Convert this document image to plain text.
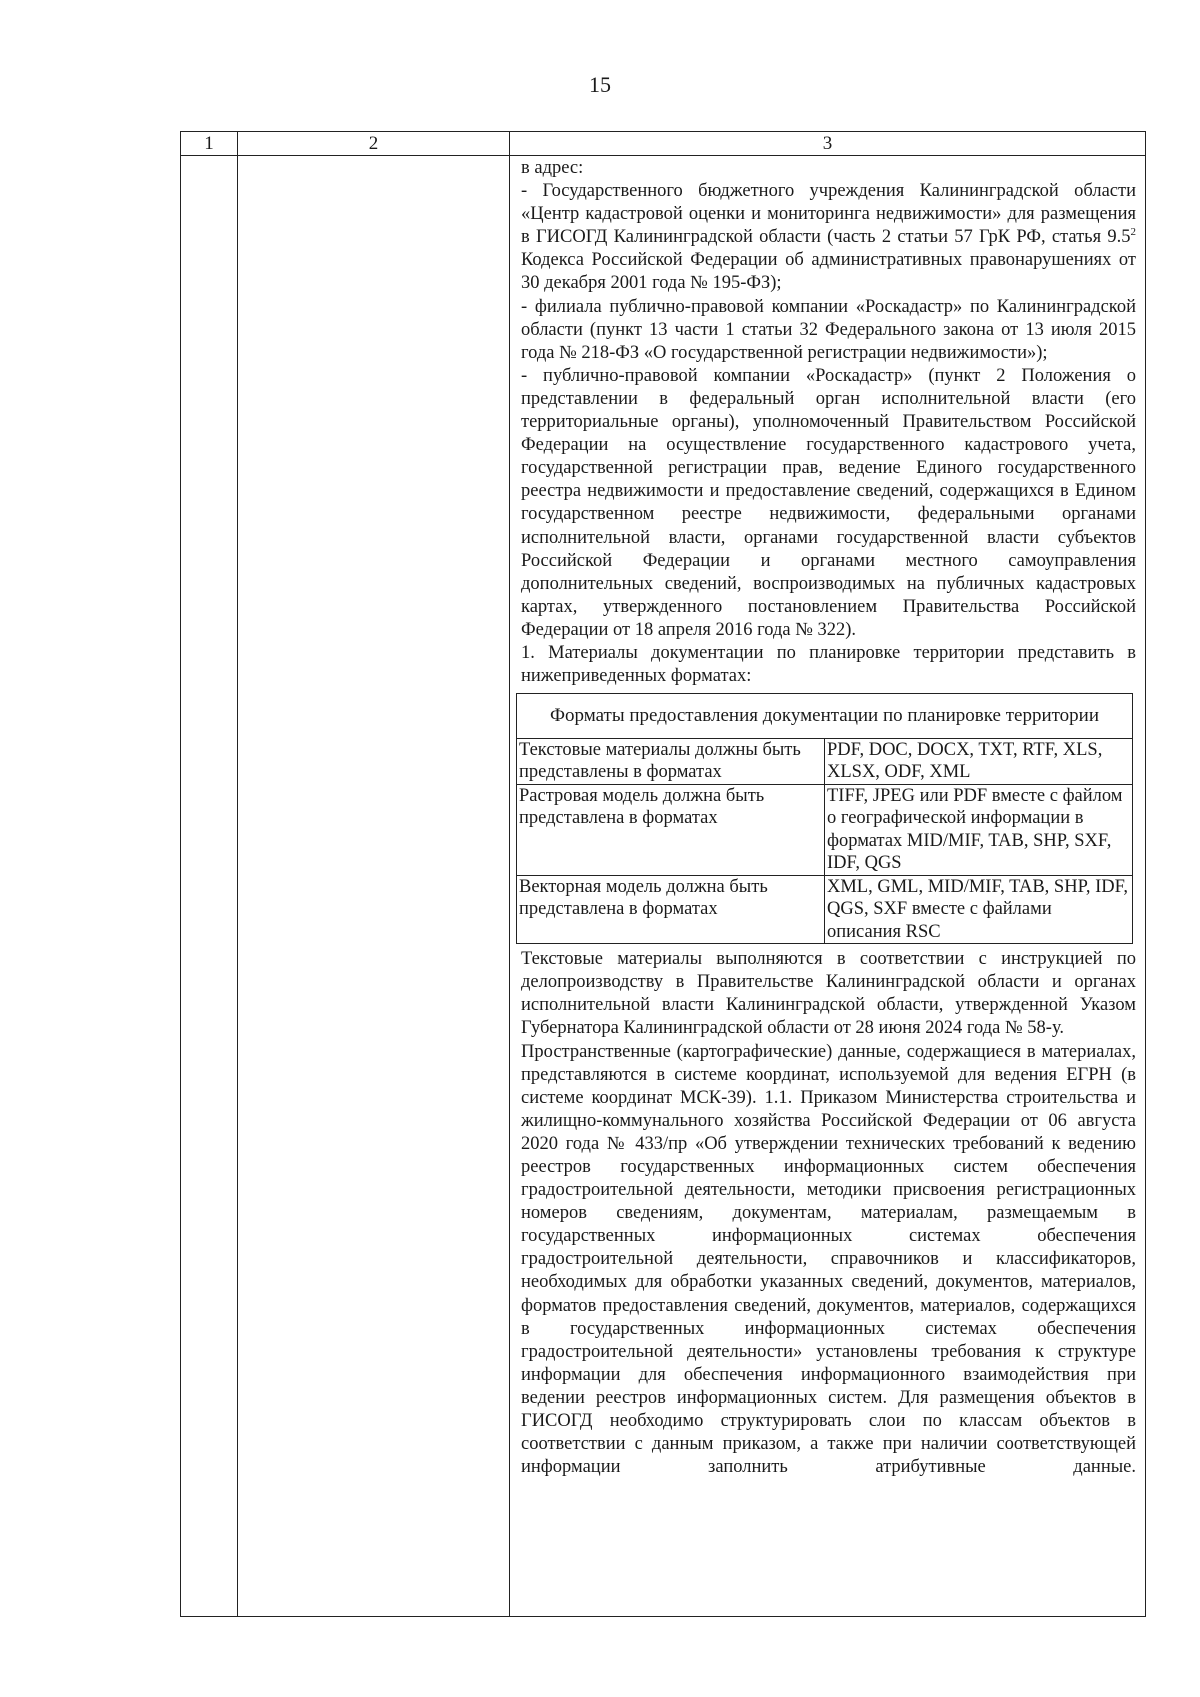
15
1	2	3

в адрес:

- Государственного бюджетного учреждения Калининградской области «Центр кадастровой оценки и мониторинга недвижимости» для размещения в ГИСОГД Калининградской области (часть 2 статьи 57 ГрК РФ, статья $9.5^2$ Кодекса Российской Федерации об административных правонарушениях от 30 декабря 2001 года № 195-ФЗ);

- филиала публично-правовой компании «Роскадастр» по Калининградской области (пункт 13 части 1 статьи 32 Федерального закона от 13 июля 2015 года № 218-ФЗ «О государственной регистрации недвижимости»);

- публично-правовой компании «Роскадастр» (пункт 2 Положения о представлении в федеральный орган исполнительной власти (его территориальные органы), уполномоченный Правительством Российской Федерации на осуществление государственного кадастрового учета, государственной регистрации прав, ведение Единого государственного реестра недвижимости и предоставление сведений, содержащихся в Едином государственном реестре недвижимости, федеральными органами исполнительной власти, органами государственной власти субъектов Российской Федерации и органами местного самоуправления дополнительных сведений, воспроизводимых на публичных кадастровых картах, утвержденного постановлением Правительства Российской Федерации от 18 апреля 2016 года № 322).

1. Материалы документации по планировке территории представить в нижеприведенных форматах:

Форматы предоставления документации по планировке территории
Текстовые материалы должны быть представлены в форматах	PDF, DOC, DOCX, TXT, RTF, XLS, XLSX, ODF, XML
Растровая модель должна быть представлена в форматах	TIFF, JPEG или PDF вместе с файлом о географической информации в форматах MID/MIF, TAB, SHP, SXF, IDF, QGS
Векторная модель должна быть представлена в форматах	XML, GML, MID/MIF, TAB, SHP, IDF, QGS, SXF вместе с файлами описания RSC

Текстовые материалы выполняются в соответствии с инструкцией по делопроизводству в Правительстве Калининградской области и органах исполнительной власти Калининградской области, утвержденной Указом Губернатора Калининградской области от 28 июня 2024 года № 58-у.

Пространственные (картографические) данные, содержащиеся в материалах, представляются в системе координат, используемой для ведения ЕГРН (в системе координат МСК-39). 1.1. Приказом Министерства строительства и жилищно-коммунального хозяйства Российской Федерации от 06 августа 2020 года № 433/пр «Об утверждении технических требований к ведению реестров государственных информационных систем обеспечения градостроительной деятельности, методики присвоения регистрационных номеров сведениям, документам, материалам, размещаемым в государственных информационных системах обеспечения градостроительной деятельности, справочников и классификаторов, необходимых для обработки указанных сведений, документов, материалов, форматов предоставления сведений, документов, материалов, содержащихся в государственных информационных системах обеспечения градостроительной деятельности» установлены требования к структуре информации для обеспечения информационного взаимодействия при ведении реестров информационных систем. Для размещения объектов в ГИСОГД необходимо структурировать слои по классам объектов в соответствии с данным приказом, а также при наличии соответствующей информации заполнить атрибутивные данные.
